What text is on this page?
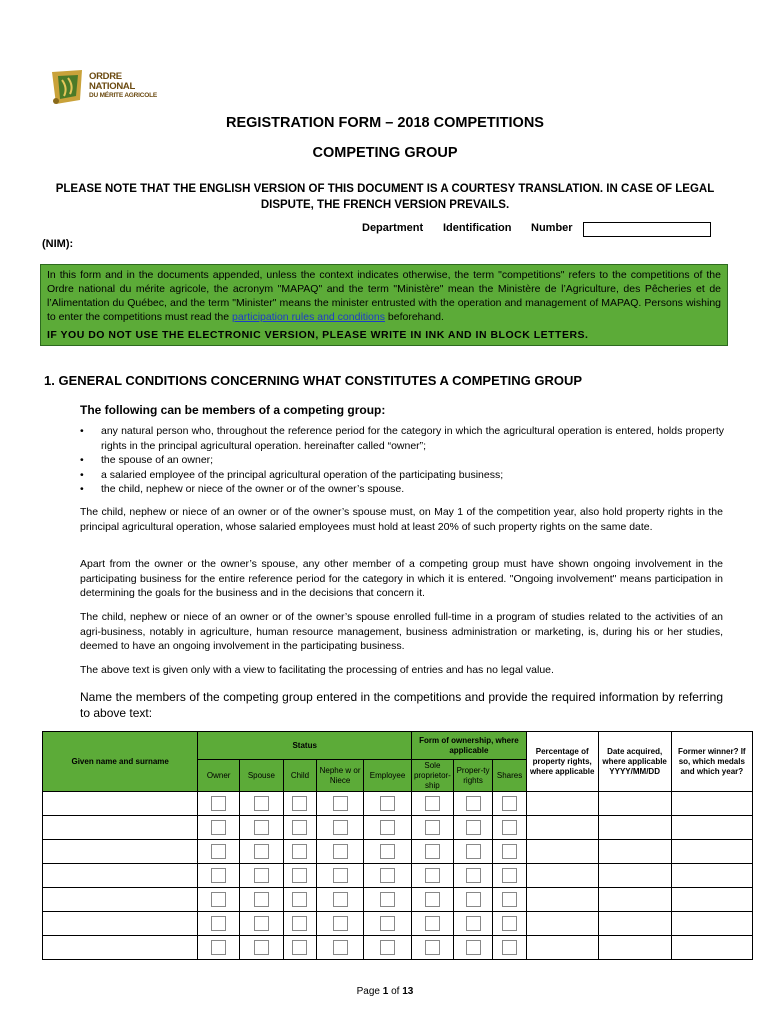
ORDRE NATIONAL
DU MÉRITE AGRICOLE
REGISTRATION FORM – 2018 COMPETITIONS
COMPETING GROUP
PLEASE NOTE THAT THE ENGLISH VERSION OF THIS DOCUMENT IS A COURTESY TRANSLATION. IN CASE OF LEGAL DISPUTE, THE FRENCH VERSION PREVAILS.
Department Identification Number
(NIM):
In this form and in the documents appended, unless the context indicates otherwise, the term "competitions" refers to the competitions of the Ordre national du mérite agricole, the acronym "MAPAQ" and the term "Ministère" mean the Ministère de l’Agriculture, des Pêcheries et de l’Alimentation du Québec, and the term "Minister" means the minister entrusted with the operation and management of MAPAQ. Persons wishing to enter the competitions must read the participation rules and conditions beforehand.
IF YOU DO NOT USE THE ELECTRONIC VERSION, PLEASE WRITE IN INK AND IN BLOCK LETTERS.
1. GENERAL CONDITIONS CONCERNING WHAT CONSTITUTES A COMPETING GROUP
The following can be members of a competing group:
• any natural person who, throughout the reference period for the category in which the agricultural operation is entered, holds property rights in the principal agricultural operation. hereinafter called “owner”;
• the spouse of an owner;
• a salaried employee of the principal agricultural operation of the participating business;
• the child, nephew or niece of the owner or of the owner’s spouse.
The child, nephew or niece of an owner or of the owner’s spouse must, on May 1 of the competition year, also hold property rights in the principal agricultural operation, whose salaried employees must hold at least 20% of such property rights on the same date.
Apart from the owner or the owner’s spouse, any other member of a competing group must have shown ongoing involvement in the participating business for the entire reference period for the category in which it is entered. "Ongoing involvement" means participation in determining the goals for the business and in the decisions that concern it.
The child, nephew or niece of an owner or of the owner’s spouse enrolled full-time in a program of studies related to the activities of an agri-business, notably in agriculture, human resource management, business administration or marketing, is, during his or her studies, deemed to have an ongoing involvement in the participating business.
The above text is given only with a view to facilitating the processing of entries and has no legal value.
Name the members of the competing group entered in the competitions and provide the required information by referring to above text:
Given name and surname	Status					Form of ownership, where applicable			Percentage of property rights, where applicable	Date acquired, where applicable YYYY/MM/DD	Former winner? If so, which medals and which year?
	Owner	Spouse	Child	Nephe w or Niece	Employee	Sole proprietor-ship	Proper-ty rights	Shares			

Page 1 of 13
